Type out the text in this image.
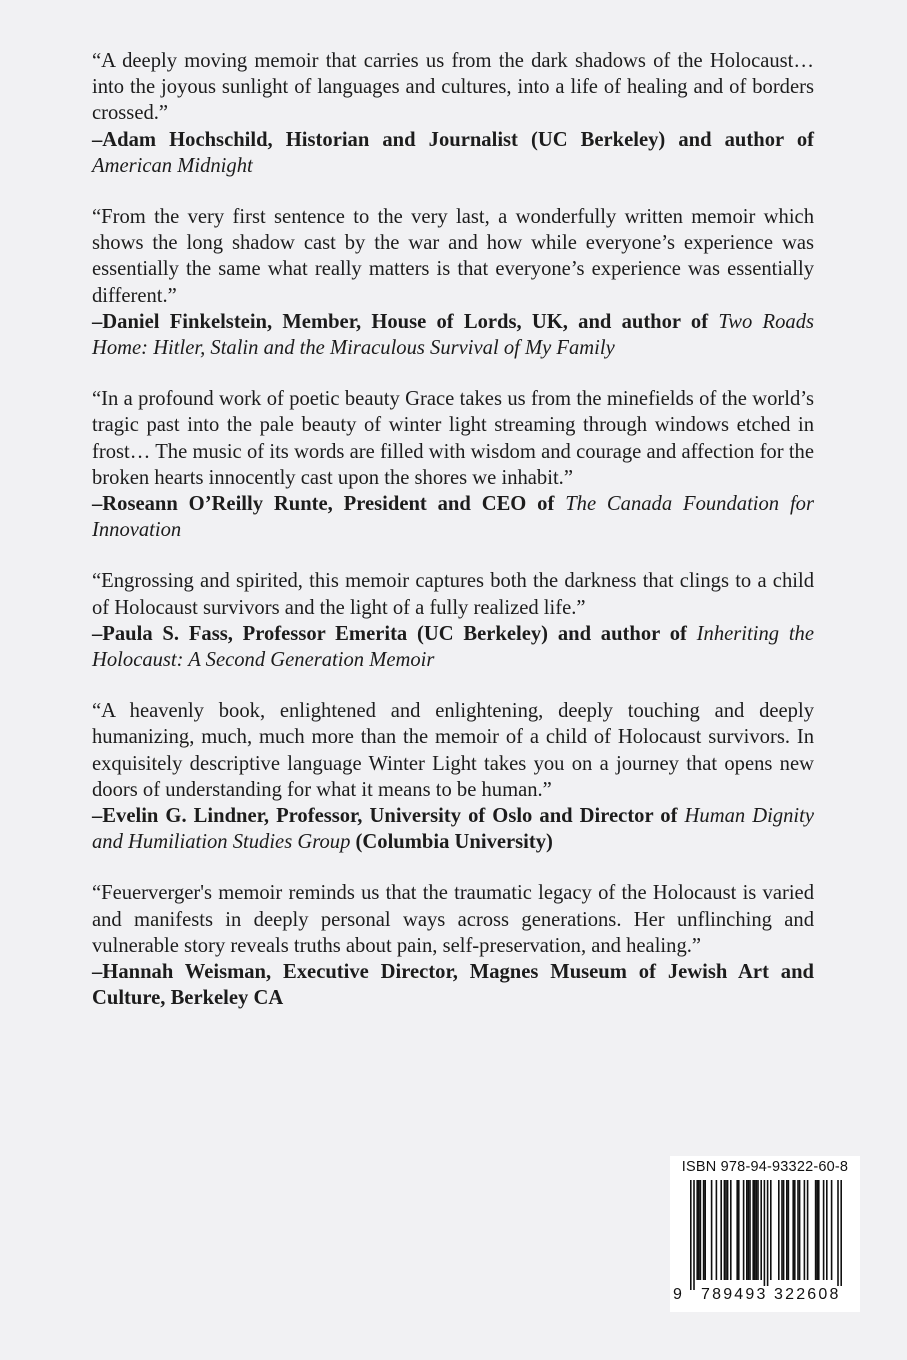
“A deeply moving memoir that carries us from the dark shadows of the Holocaust…into the joyous sunlight of languages and cultures, into a life of healing and of borders crossed.”

–Adam Hochschild, Historian and Journalist (UC Berkeley) and author of American Midnight

“From the very first sentence to the very last, a wonderfully written memoir which shows the long shadow cast by the war and how while everyone’s experience was essentially the same what really matters is that everyone’s experience was essentially different.”

–Daniel Finkelstein, Member, House of Lords, UK, and author of Two Roads Home: Hitler, Stalin and the Miraculous Survival of My Family

“In a profound work of poetic beauty Grace takes us from the minefields of the world’s tragic past into the pale beauty of winter light streaming through windows etched in frost… The music of its words are filled with wisdom and courage and affection for the broken hearts innocently cast upon the shores we inhabit.”

–Roseann O’Reilly Runte, President and CEO of The Canada Foundation for Innovation

“Engrossing and spirited, this memoir captures both the darkness that clings to a child of Holocaust survivors and the light of a fully realized life.”

–Paula S. Fass, Professor Emerita (UC Berkeley) and author of Inheriting the Holocaust: A Second Generation Memoir

“A heavenly book, enlightened and enlightening, deeply touching and deeply humanizing, much, much more than the memoir of a child of Holocaust survivors. In exquisitely descriptive language Winter Light takes you on a journey that opens new doors of understanding for what it means to be human.”

–Evelin G. Lindner, Professor, University of Oslo and Director of Human Dignity and Humiliation Studies Group (Columbia University)

“Feuerverger's memoir reminds us that the traumatic legacy of the Holocaust is varied and manifests in deeply personal ways across generations. Her unflinching and vulnerable story reveals truths about pain, self-preservation, and healing.”

–Hannah Weisman, Executive Director, Magnes Museum of Jewish Art and Culture, Berkeley CA

ISBN 978-94-93322-60-8
9 789493 322608
